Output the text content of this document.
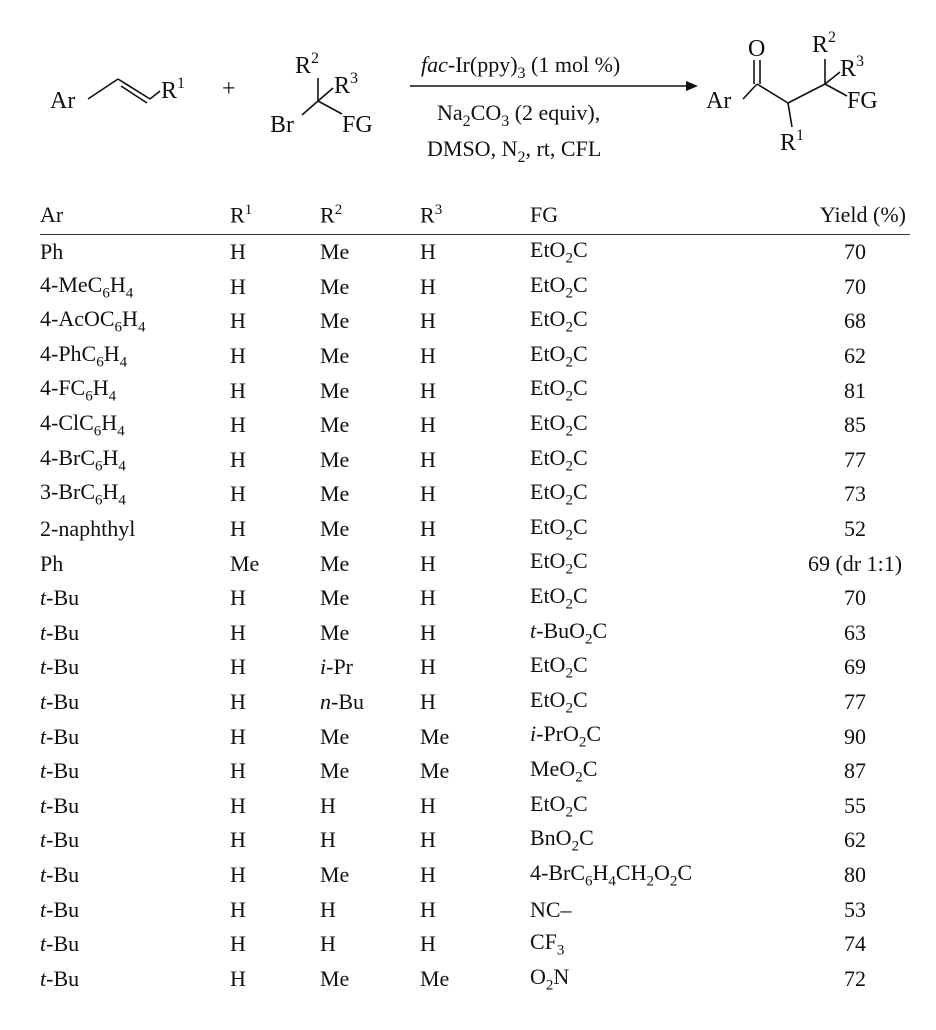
Ar	$R^1$ +
$R^2$
$R^3$
Br FG
fac-$Ir(ppy)_3$ (1 mol %)
$Na_2CO_3$ (2 equiv),
DMSO, $N_2$, rt, CFL
O
Ar
$R^1$
$R^2$
$R^3$
FG
Ar	$R^1$	$R^2$	$R^3$	FG	Yield (%)
Ph	H	Me	H	EtO$_2$C	70
$4-MeC_6H_4$	H	Me	H	EtO$_2$C	70
$4-AcOC_6H_4$	H	Me	H	EtO$_2$C	68
$4-PhC_6H_4$	H	Me	H	EtO$_2$C	62
$4-FC_6H_4$	H	Me	H	EtO$_2$C	81
$4-ClC_6H_4$	H	Me	H	EtO$_2$C	85
$4-BrC_6H_4$	H	Me	H	EtO$_2$C	77
$3-BrC_6H_4$	H	Me	H	EtO$_2$C	73
2-naphthyl	H	Me	H	EtO$_2$C	52
Ph	Me	Me	H	EtO$_2$C	69 (dr 1:1)
t-Bu	H	Me	H	EtO$_2$C	70
t-Bu	H	Me	H	t-BuO$_2$C	63
t-Bu	H	i-Pr	H	EtO$_2$C	69
t-Bu	H	n-Bu	H	EtO$_2$C	77
t-Bu	H	Me	Me	i-PrO$_2$C	90
t-Bu	H	Me	Me	MeO$_2$C	87
t-Bu	H	H	H	EtO$_2$C	55
t-Bu	H	H	H	BnO$_2$C	62
t-Bu	H	Me	H	$4-BrC_6H_4CH_2O_2C$	80
t-Bu	H	H	H	NC–	53
t-Bu	H	H	H	$CF_3$	74
t-Bu	H	Me	Me	$O_2N$	72
